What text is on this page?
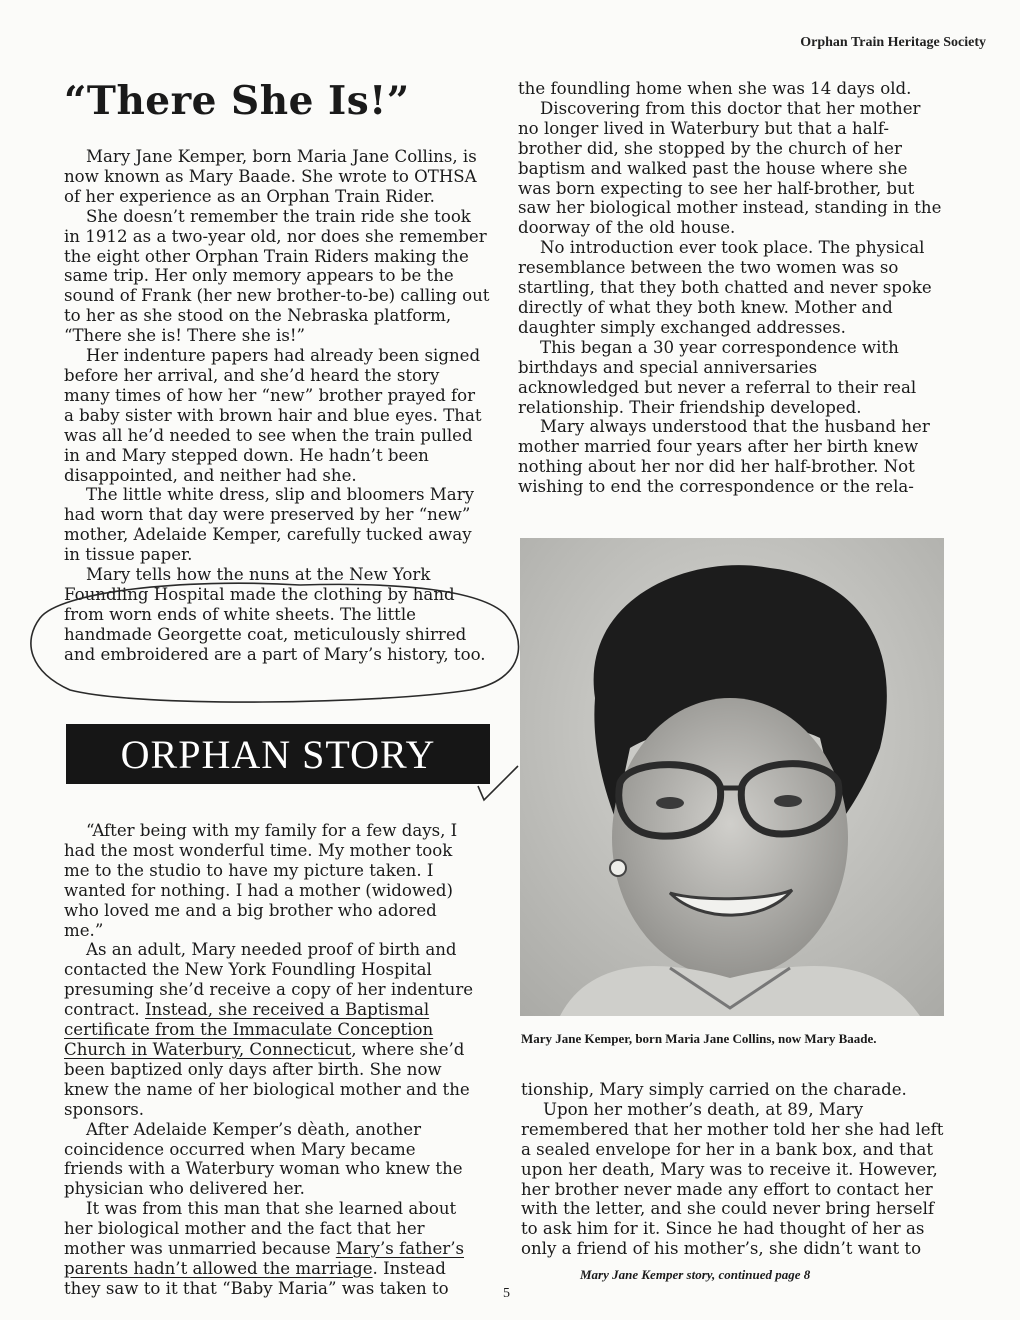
Orphan Train Heritage Society
“There She Is!”

Mary Jane Kemper, born Maria Jane Collins, is now known as Mary Baade. She wrote to OTHSA of her experience as an Orphan Train Rider.

She doesn’t remember the train ride she took in 1912 as a two-year old, nor does she remember the eight other Orphan Train Riders making the same trip. Her only memory appears to be the sound of Frank (her new brother-to-be) calling out to her as she stood on the Nebraska platform, “There she is! There she is!”

Her indenture papers had already been signed before her arrival, and she’d heard the story many times of how her “new” brother prayed for a baby sister with brown hair and blue eyes. That was all he’d needed to see when the train pulled in and Mary stepped down. He hadn’t been disappointed, and neither had she.

The little white dress, slip and bloomers Mary had worn that day were preserved by her “new” mother, Adelaide Kemper, carefully tucked away in tissue paper.

Mary tells how the nuns at the New York Foundling Hospital made the clothing by hand from worn ends of white sheets. The little handmade Georgette coat, meticulously shirred and embroidered are a part of Mary’s history, too.

the foundling home when she was 14 days old.

Discovering from this doctor that her mother no longer lived in Waterbury but that a half-brother did, she stopped by the church of her baptism and walked past the house where she was born expecting to see her half-brother, but saw her biological mother instead, standing in the doorway of the old house.

No introduction ever took place. The physical resemblance between the two women was so startling, that they both chatted and never spoke directly of what they both knew. Mother and daughter simply exchanged addresses.

This began a 30 year correspondence with birthdays and special anniversaries acknowledged but never a referral to their real relationship. Their friendship developed.

Mary always understood that the husband her mother married four years after her birth knew nothing about her nor did her half-brother. Not wishing to end the correspondence or the rela-

ORPHAN STORY
Mary Jane Kemper, born Maria Jane Collins, now Mary Baade.

“After being with my family for a few days, I had the most wonderful time. My mother took me to the studio to have my picture taken. I wanted for nothing. I had a mother (widowed) who loved me and a big brother who adored me.”

As an adult, Mary needed proof of birth and contacted the New York Foundling Hospital presuming she’d receive a copy of her indenture contract. Instead, she received a Baptismal certificate from the Immaculate Conception Church in Waterbury, Connecticut, where she’d been baptized only days after birth. She now knew the name of her biological mother and the sponsors.

After Adelaide Kemper’s dèath, another coincidence occurred when Mary became friends with a Waterbury woman who knew the physician who delivered her.

It was from this man that she learned about her biological mother and the fact that her mother was unmarried because Mary’s father’s parents hadn’t allowed the marriage. Instead they saw to it that “Baby Maria” was taken to

tionship, Mary simply carried on the charade.

Upon her mother’s death, at 89, Mary remembered that her mother told her she had left a sealed envelope for her in a bank box, and that upon her death, Mary was to receive it. However, her brother never made any effort to contact her with the letter, and she could never bring herself to ask him for it. Since he had thought of her as only a friend of his mother’s, she didn’t want to

Mary Jane Kemper story, continued page 8
5
